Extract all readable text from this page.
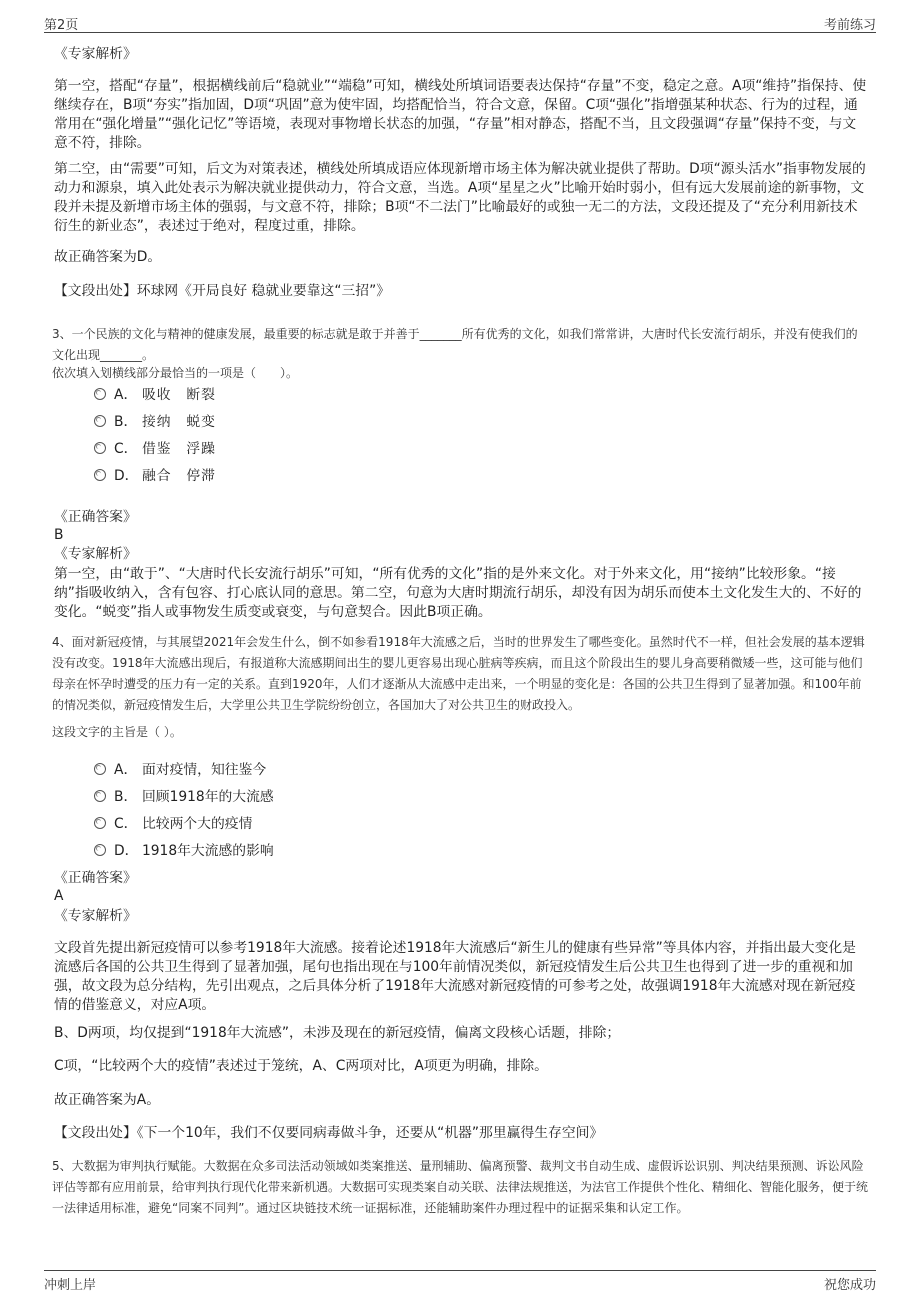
第2页	考前练习
《专家解析》
第一空，搭配“存量”，根据横线前后“稳就业”“端稳”可知，横线处所填词语要表达保持“存量”不变，稳定之意。A项“维持”指保持、使继续存在，B项“夯实”指加固，D项“巩固”意为使牢固，均搭配恰当，符合文意，保留。C项“强化”指增强某种状态、行为的过程，通常用在“强化增量”“强化记忆”等语境，表现对事物增长状态的加强，“存量”相对静态，搭配不当，且文段强调“存量”保持不变，与文意不符，排除。
第二空，由“需要”可知，后文为对策表述，横线处所填成语应体现新增市场主体为解决就业提供了帮助。D项“源头活水”指事物发展的动力和源泉，填入此处表示为解决就业提供动力，符合文意，当选。A项“星星之火”比喻开始时弱小，但有远大发展前途的新事物，文段并未提及新增市场主体的强弱，与文意不符，排除；B项“不二法门”比喻最好的或独一无二的方法，文段还提及了“充分利用新技术衍生的新业态”，表述过于绝对，程度过重，排除。
故正确答案为D。
【文段出处】环球网《开局良好 稳就业要靠这“三招”》
3、一个民族的文化与精神的健康发展，最重要的标志就是敢于并善于_______所有优秀的文化，如我们常常讲，大唐时代长安流行胡乐，并没有使我们的文化出现_______。
依次填入划横线部分最恰当的一项是（　　）。
A． 吸收　断裂
B． 接纳　蜕变
C． 借鉴　浮躁
D． 融合　停滞
《正确答案》
B
《专家解析》
第一空，由“敢于”、“大唐时代长安流行胡乐”可知，“所有优秀的文化”指的是外来文化。对于外来文化，用“接纳”比较形象。“接纳”指吸收纳入，含有包容、打心底认同的意思。第二空，句意为大唐时期流行胡乐，却没有因为胡乐而使本土文化发生大的、不好的变化。“蜕变”指人或事物发生质变或衰变，与句意契合。因此B项正确。
4、面对新冠疫情，与其展望2021年会发生什么，倒不如参看1918年大流感之后，当时的世界发生了哪些变化。虽然时代不一样，但社会发展的基本逻辑没有改变。1918年大流感出现后，有报道称大流感期间出生的婴儿更容易出现心脏病等疾病，而且这个阶段出生的婴儿身高要稍微矮一些，这可能与他们母亲在怀孕时遭受的压力有一定的关系。直到1920年，人们才逐渐从大流感中走出来，一个明显的变化是：各国的公共卫生得到了显著加强。和100年前的情况类似，新冠疫情发生后，大学里公共卫生学院纷纷创立，各国加大了对公共卫生的财政投入。
这段文字的主旨是（ ）。
A． 面对疫情，知往鉴今
B． 回顾1918年的大流感
C． 比较两个大的疫情
D． 1918年大流感的影响
《正确答案》
A
《专家解析》
文段首先提出新冠疫情可以参考1918年大流感。接着论述1918年大流感后“新生儿的健康有些异常”等具体内容，并指出最大变化是流感后各国的公共卫生得到了显著加强，尾句也指出现在与100年前情况类似，新冠疫情发生后公共卫生也得到了进一步的重视和加强，故文段为总分结构，先引出观点，之后具体分析了1918年大流感对新冠疫情的可参考之处，故强调1918年大流感对现在新冠疫情的借鉴意义，对应A项。
B、D两项，均仅提到“1918年大流感”，未涉及现在的新冠疫情，偏离文段核心话题，排除；
C项，“比较两个大的疫情”表述过于笼统，A、C两项对比，A项更为明确，排除。
故正确答案为A。
【文段出处】《下一个10年，我们不仅要同病毒做斗争，还要从“机器”那里赢得生存空间》
5、大数据为审判执行赋能。大数据在众多司法活动领域如类案推送、量刑辅助、偏离预警、裁判文书自动生成、虚假诉讼识别、判决结果预测、诉讼风险评估等都有应用前景，给审判执行现代化带来新机遇。大数据可实现类案自动关联、法律法规推送，为法官工作提供个性化、精细化、智能化服务，便于统一法律适用标准，避免“同案不同判”。通过区块链技术统一证据标准，还能辅助案件办理过程中的证据采集和认定工作。
冲刺上岸	祝您成功
